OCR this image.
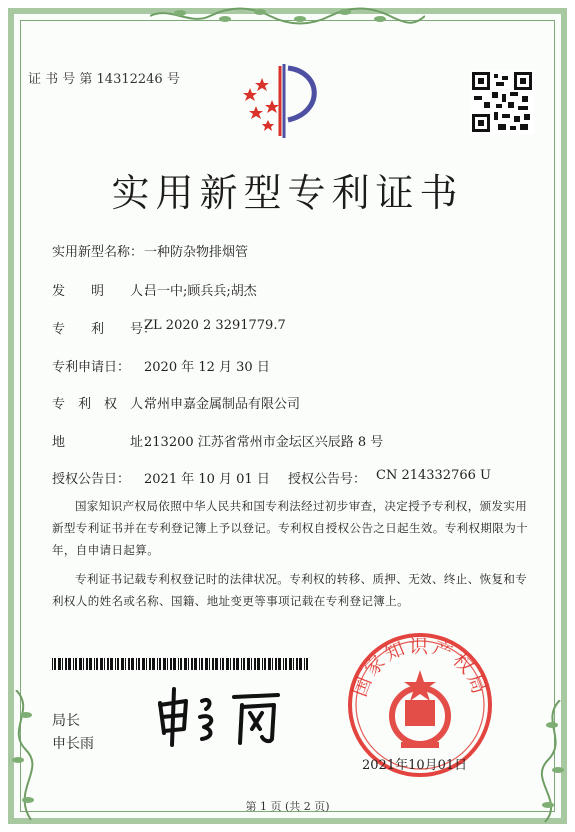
证 书 号 第 14312246 号
实用新型专利证书
实用新型名称： 一种防杂物排烟管
发　　明　　人：
吕一中;顾兵兵;胡杰
专　　利　　号：
ZL 2020 2 3291779.7
专利申请日： 2020 年 12 月 30 日
专　利　权　人：
常州申嘉金属制品有限公司
地　　　　　址：
213200 江苏省常州市金坛区兴辰路 8 号
授权公告日： 2021 年 10 月 01 日 授权公告号： CN 214332766 U
国家知识产权局依照中华人民共和国专利法经过初步审查，决定授予专利权，颁发实用新型专利证书并在专利登记簿上予以登记。专利权自授权公告之日起生效。专利权期限为十年，自申请日起算。
专利证书记载专利权登记时的法律状况。专利权的转移、质押、无效、终止、恢复和专利权人的姓名或名称、国籍、地址变更等事项记载在专利登记簿上。
局长
申长雨
国家知识产权局
2021年10月01日
第 1 页 (共 2 页)
